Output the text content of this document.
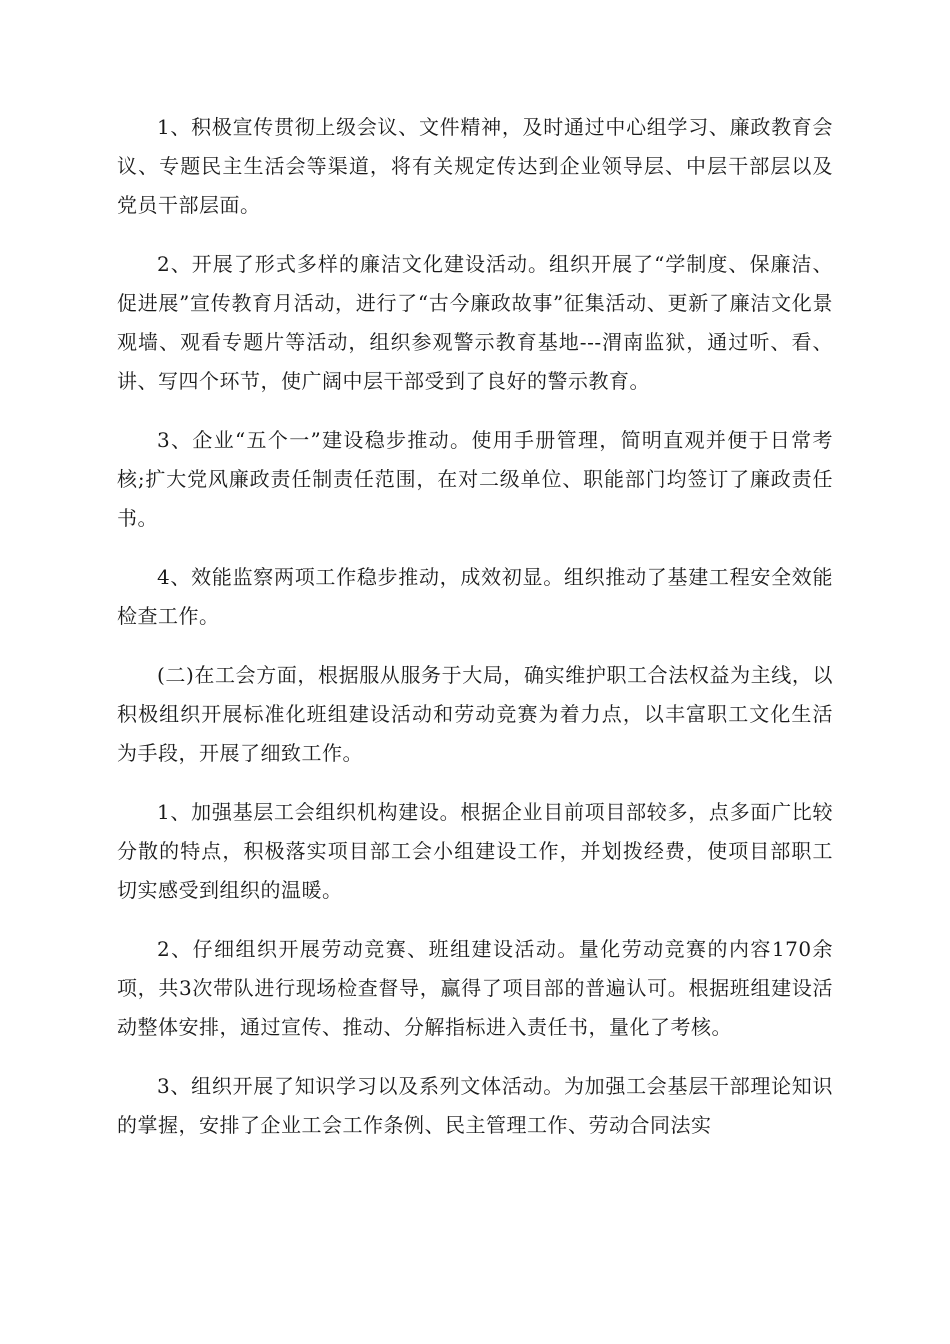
1、积极宣传贯彻上级会议、文件精神，及时通过中心组学习、廉政教育会议、专题民主生活会等渠道，将有关规定传达到企业领导层、中层干部层以及党员干部层面。

2、开展了形式多样的廉洁文化建设活动。组织开展了“学制度、保廉洁、促进展”宣传教育月活动，进行了“古今廉政故事”征集活动、更新了廉洁文化景观墙、观看专题片等活动，组织参观警示教育基地---渭南监狱，通过听、看、讲、写四个环节，使广阔中层干部受到了良好的警示教育。

3、企业“五个一”建设稳步推动。使用手册管理，简明直观并便于日常考核;扩大党风廉政责任制责任范围，在对二级单位、职能部门均签订了廉政责任书。

4、效能监察两项工作稳步推动，成效初显。组织推动了基建工程安全效能检查工作。

(二)在工会方面，根据服从服务于大局，确实维护职工合法权益为主线，以积极组织开展标准化班组建设活动和劳动竞赛为着力点，以丰富职工文化生活为手段，开展了细致工作。

1、加强基层工会组织机构建设。根据企业目前项目部较多，点多面广比较分散的特点，积极落实项目部工会小组建设工作，并划拨经费，使项目部职工切实感受到组织的温暖。

2、仔细组织开展劳动竞赛、班组建设活动。量化劳动竞赛的内容170余项，共3次带队进行现场检查督导，赢得了项目部的普遍认可。根据班组建设活动整体安排，通过宣传、推动、分解指标进入责任书，量化了考核。

3、组织开展了知识学习以及系列文体活动。为加强工会基层干部理论知识的掌握，安排了企业工会工作条例、民主管理工作、劳动合同法实
